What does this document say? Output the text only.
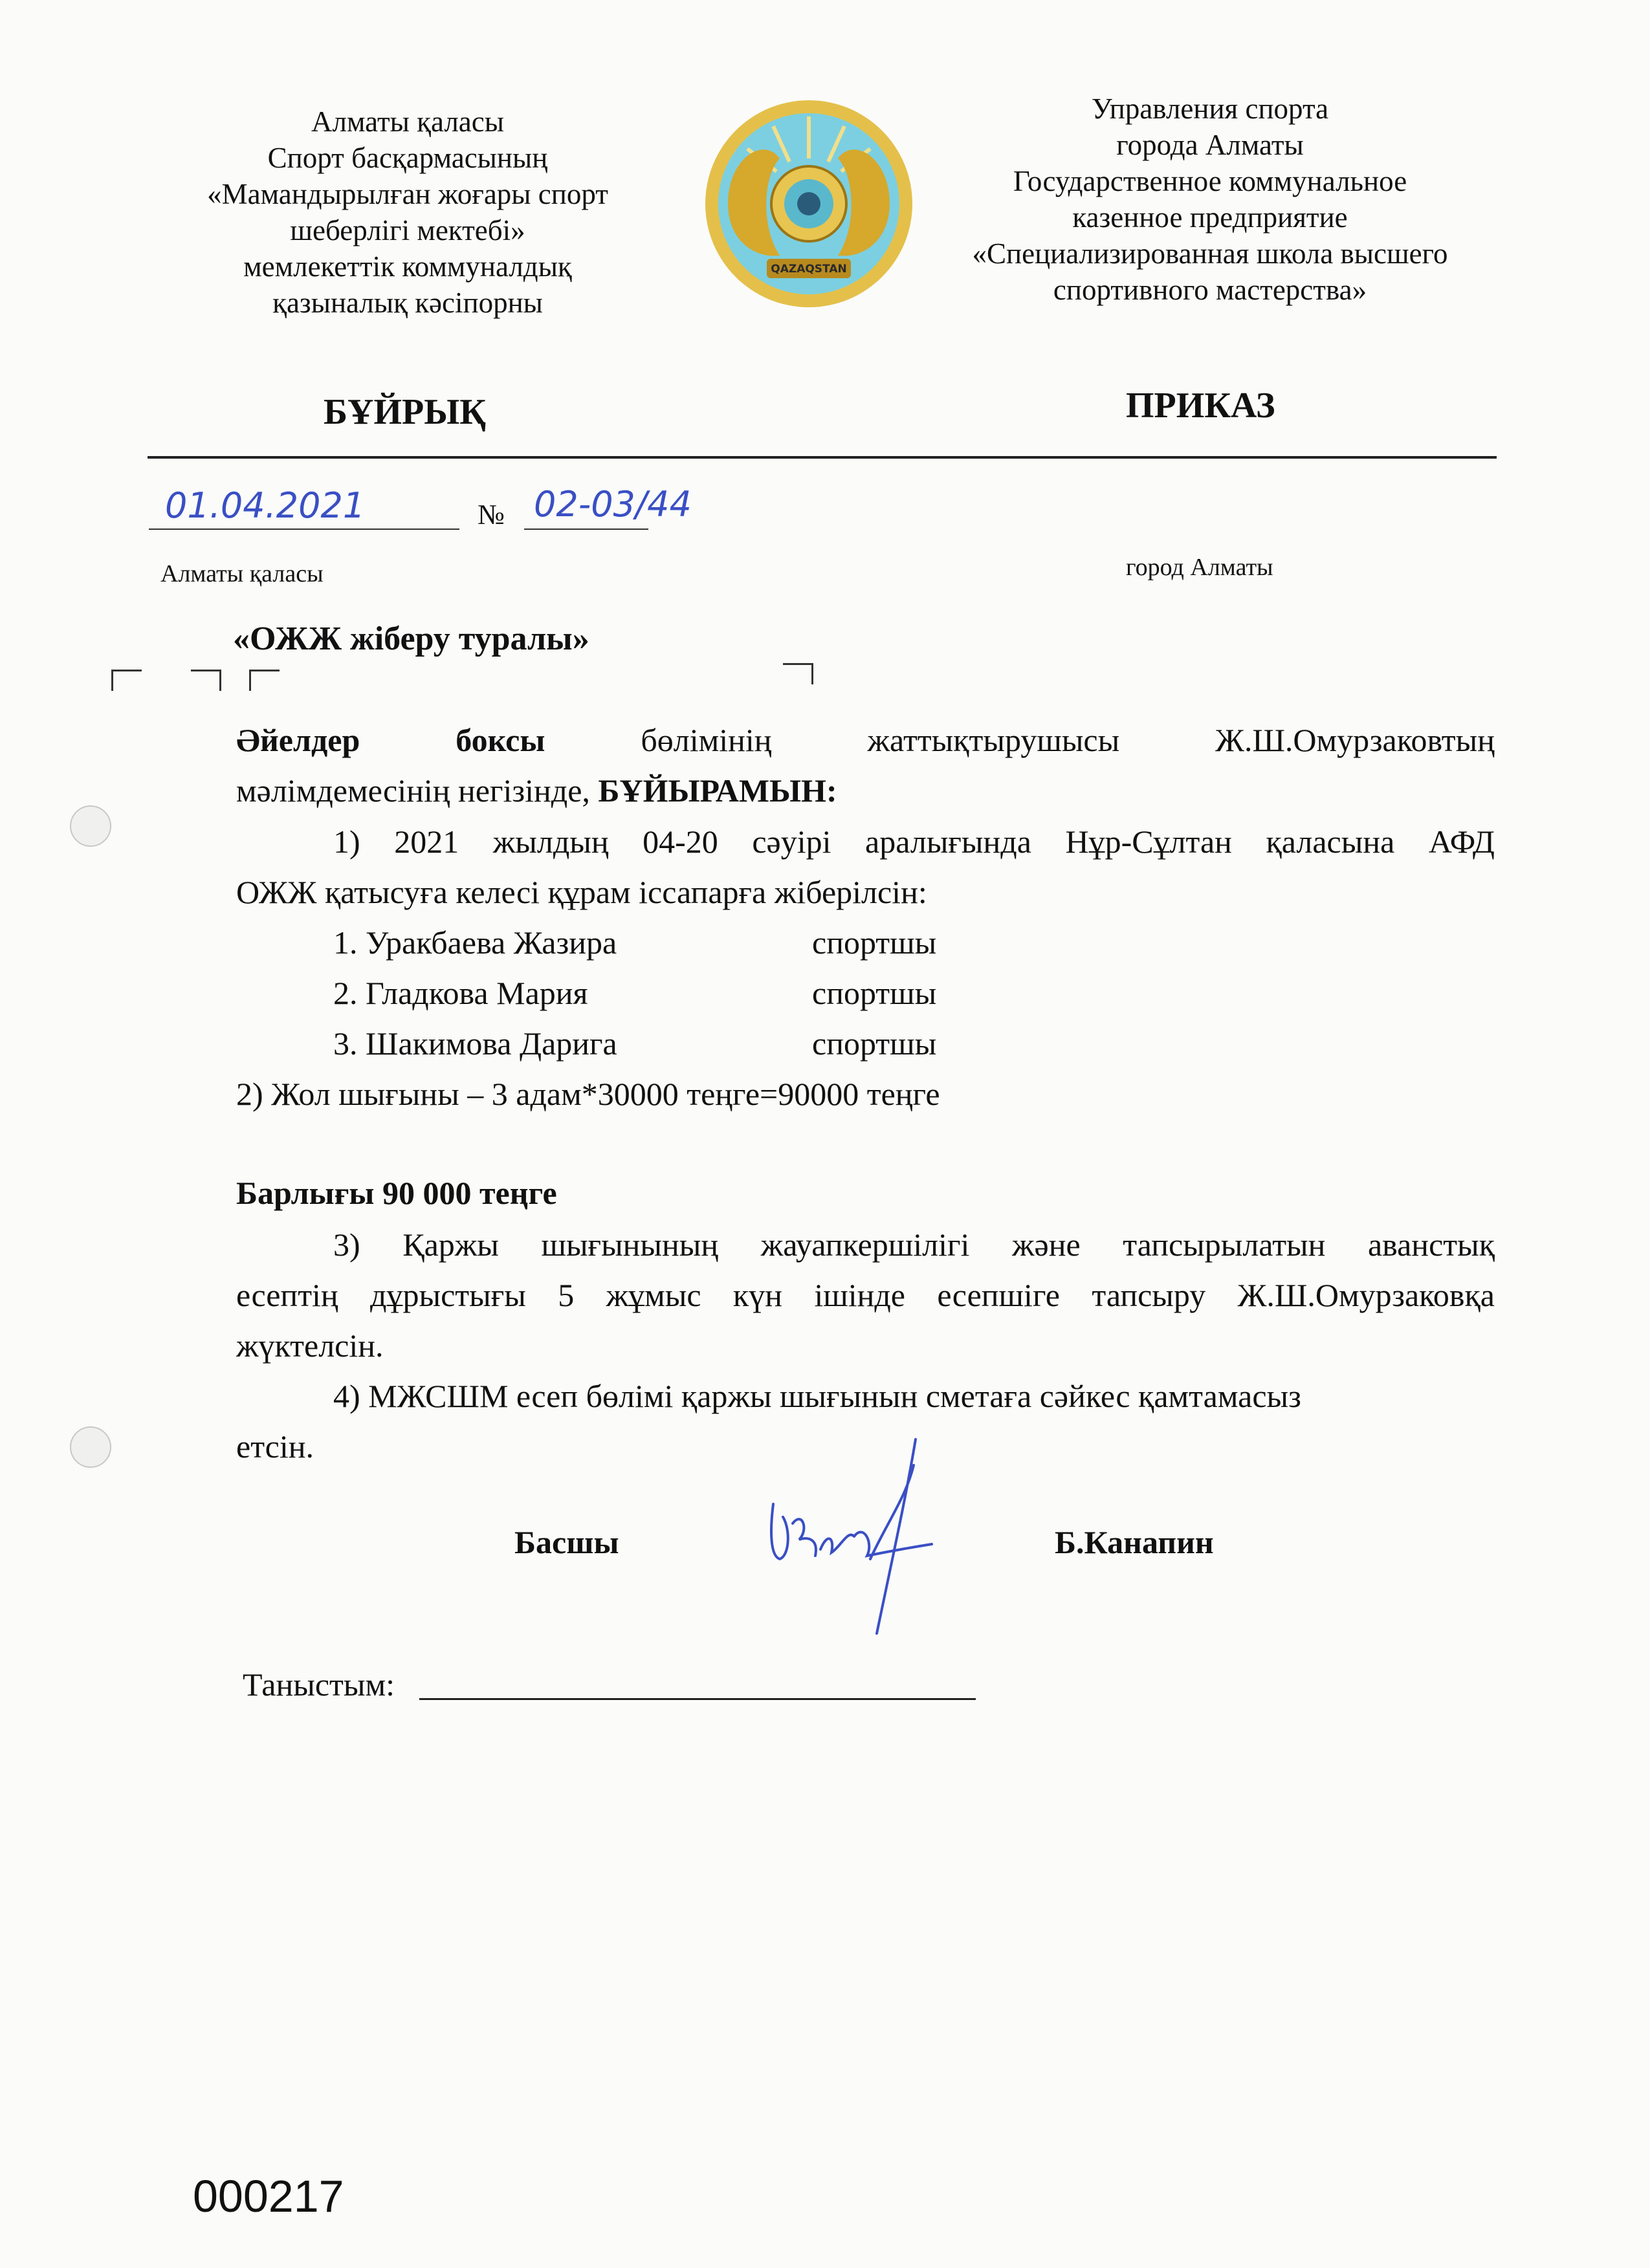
Алматы қаласы
Спорт басқармасының
«Мамандырылған жоғары спорт
шеберлігі мектебі»
мемлекеттік коммуналдық
қазыналық кәсіпорны
QAZAQSTAN
Управления спорта
города Алматы
Государственное коммунальное
казенное предприятие
«Специализированная школа высшего
спортивного мастерства»
БҰЙРЫҚ	ПРИКАЗ
01.04.2021	№ 02-03/44
Алматы қаласы	город Алматы
«ОЖЖ жіберу туралы»
Әйелдер боксы	бөлімінің жаттықтырушысы Ж.Ш.Омурзаковтың
мәлімдемесінің негізінде, БҰЙЫРАМЫН:
1) 2021 жылдың 04-20 сәуірі аралығында Нұр-Сұлтан қаласына АФД
ОЖЖ қатысуға келесі құрам іссапарға жіберілсін:
1. Уракбаева Жазира	спортшы
2. Гладкова Мария	спортшы
3. Шакимова Дарига	спортшы
2) Жол шығыны – 3 адам*30000 теңге=90000 теңге
Барлығы 90 000 теңге
3) Қаржы шығынының жауапкершілігі және тапсырылатын аванстық
есептің дұрыстығы 5 жұмыс күн ішінде есепшіге тапсыру Ж.Ш.Омурзаковқа
жүктелсін.
4) МЖСШМ есеп бөлімі қаржы шығынын сметаға сәйкес қамтамасыз
етсін.
Басшы	Б.Канапин
Таныстым:
000217
